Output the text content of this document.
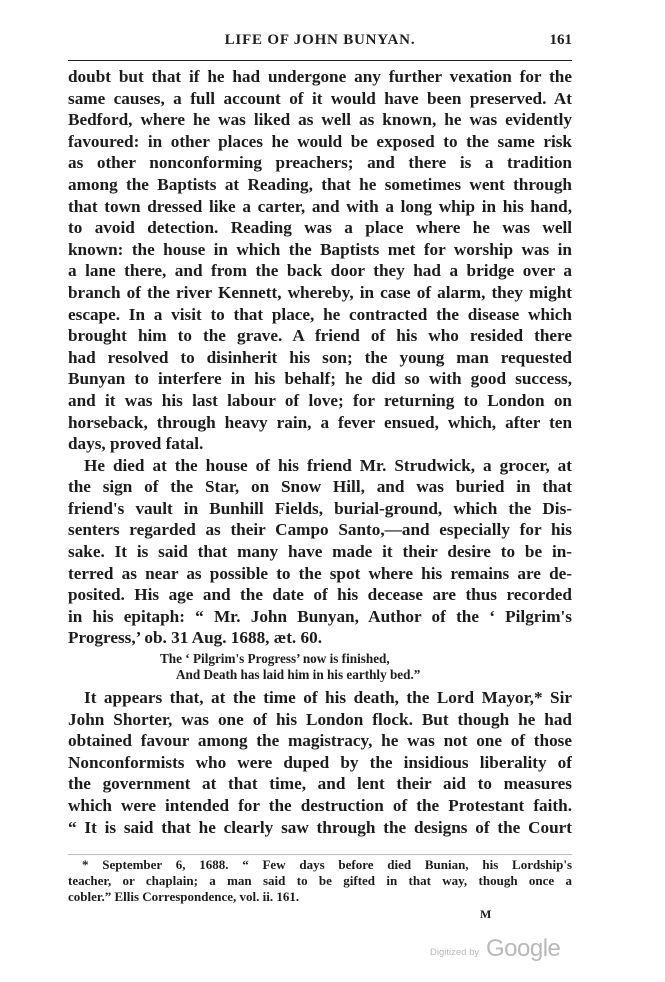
LIFE OF JOHN BUNYAN.	161
doubt but that if he had undergone any further vexation for the
same causes, a full account of it would have been preserved. At
Bedford, where he was liked as well as known, he was evidently
favoured: in other places he would be exposed to the same risk
as other nonconforming preachers; and there is a tradition
among the Baptists at Reading, that he sometimes went through
that town dressed like a carter, and with a long whip in his hand,
to avoid detection. Reading was a place where he was well
known: the house in which the Baptists met for worship was in
a lane there, and from the back door they had a bridge over a
branch of the river Kennett, whereby, in case of alarm, they might
escape. In a visit to that place, he contracted the disease which
brought him to the grave. A friend of his who resided there
had resolved to disinherit his son; the young man requested
Bunyan to interfere in his behalf; he did so with good success,
and it was his last labour of love; for returning to London on
horseback, through heavy rain, a fever ensued, which, after ten
days, proved fatal.
He died at the house of his friend Mr. Strudwick, a grocer, at
the sign of the Star, on Snow Hill, and was buried in that
friend's vault in Bunhill Fields, burial-ground, which the Dis-
senters regarded as their Campo Santo,—and especially for his
sake. It is said that many have made it their desire to be in-
terred as near as possible to the spot where his remains are de-
posited. His age and the date of his decease are thus recorded
in his epitaph: “ Mr. John Bunyan, Author of the ‘ Pilgrim's
Progress,’ ob. 31 Aug. 1688, æt. 60.
The ‘ Pilgrim's Progress’ now is finished,
And Death has laid him in his earthly bed.”
It appears that, at the time of his death, the Lord Mayor,* Sir
John Shorter, was one of his London flock. But though he had
obtained favour among the magistracy, he was not one of those
Nonconformists who were duped by the insidious liberality of
the government at that time, and lent their aid to measures
which were intended for the destruction of the Protestant faith.
“ It is said that he clearly saw through the designs of the Court
* September 6, 1688. “ Few days before died Bunian, his Lordship's
teacher, or chaplain; a man said to be gifted in that way, though once a
cobler.” Ellis Correspondence, vol. ii. 161.
M
Digitized by Google
